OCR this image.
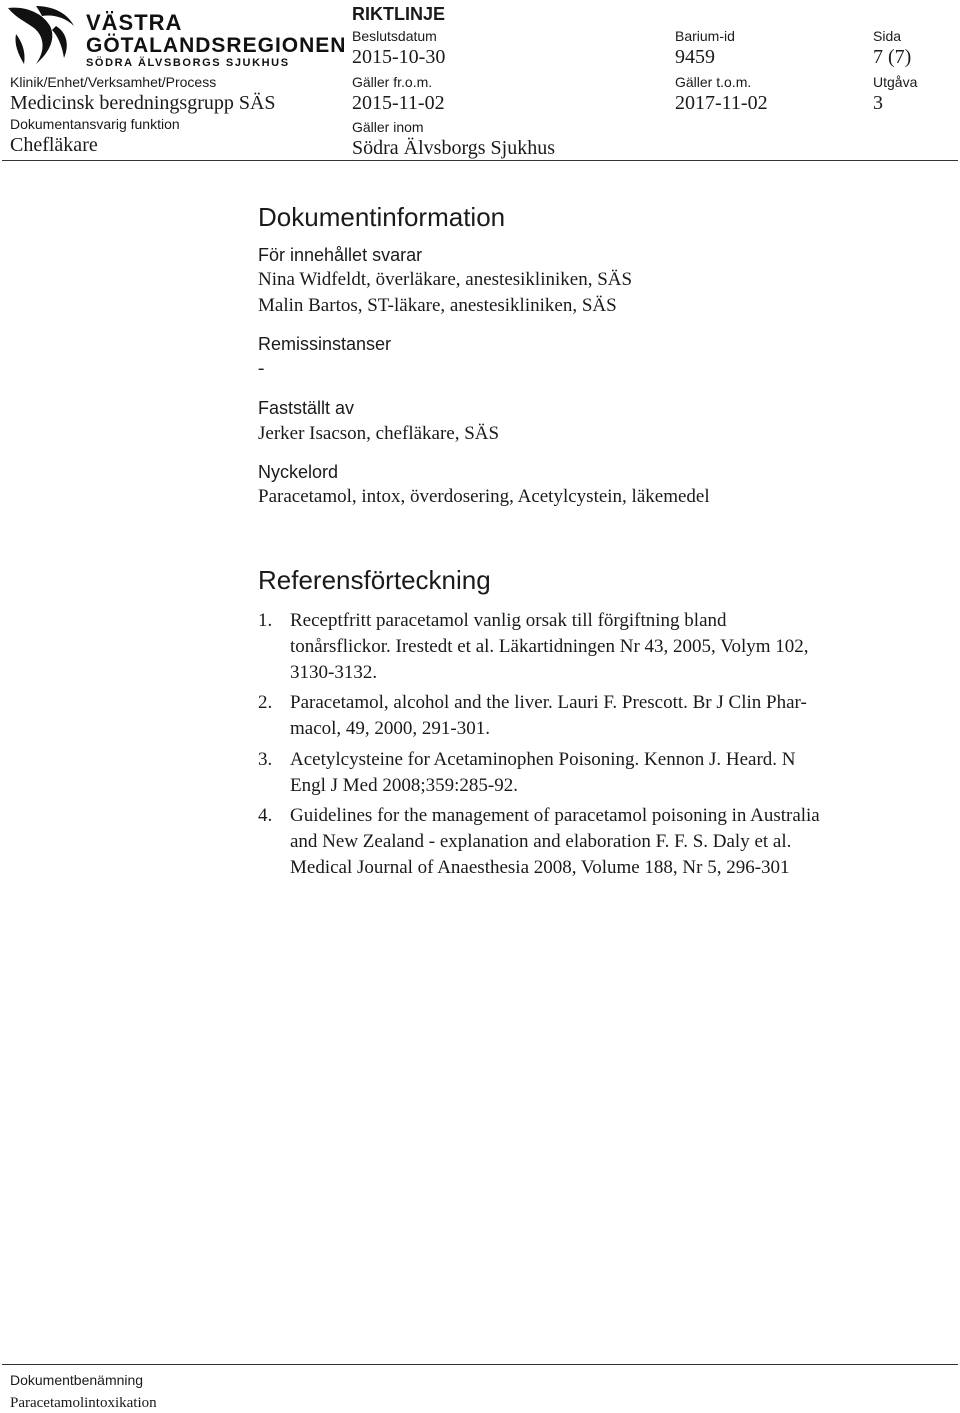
VÄSTRA
GÖTALANDSREGIONEN
SÖDRA ÄLVSBORGS SJUKHUS
RIKTLINJE
Beslutsdatum
2015-10-30
Barium-id
9459
Sida
7 (7)
Klinik/Enhet/Verksamhet/Process
Medicinsk beredningsgrupp SÄS
Gäller fr.o.m.
2015-11-02
Gäller t.o.m.
2017-11-02
Utgåva
3
Dokumentansvarig funktion
Chefläkare
Gäller inom
Södra Älvsborgs Sjukhus
Dokumentinformation
För innehållet svarar
Nina Widfeldt, överläkare, anestesikliniken, SÄS
Malin Bartos, ST-läkare, anestesikliniken, SÄS
Remissinstanser
-
Fastställt av
Jerker Isacson, chefläkare, SÄS
Nyckelord
Paracetamol, intox, överdosering, Acetylcystein, läkemedel
Referensförteckning
1. Receptfritt paracetamol vanlig orsak till förgiftning bland
tonårsflickor. Irestedt et al. Läkartidningen Nr 43, 2005, Volym 102,
3130-3132.
2. Paracetamol, alcohol and the liver. Lauri F. Prescott. Br J Clin Phar-
macol, 49, 2000, 291-301.
3. Acetylcysteine for Acetaminophen Poisoning. Kennon J. Heard. N
Engl J Med 2008;359:285-92.
4. Guidelines for the management of paracetamol poisoning in Australia
and New Zealand - explanation and elaboration F. F. S. Daly et al.
Medical Journal of Anaesthesia 2008, Volume 188, Nr 5, 296-301
Dokumentbenämning
Paracetamolintoxikation
